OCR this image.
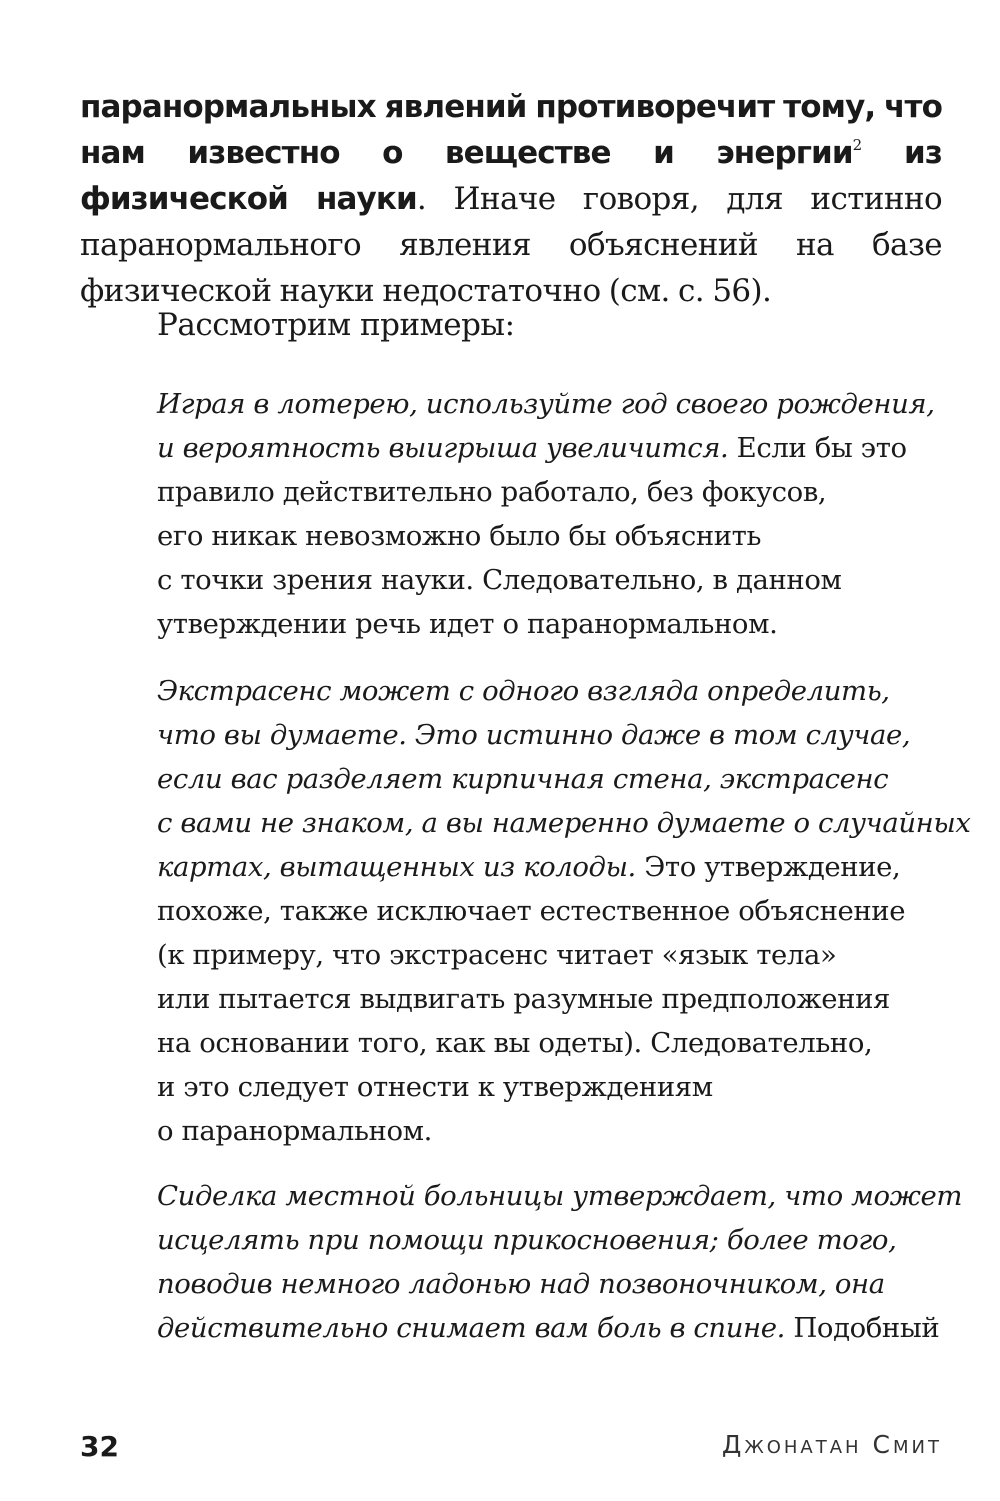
паранормальных явлений противоречит тому, что нам известно о веществе и энергии$^2$ из физической науки. Иначе говоря, для истинно паранормального явления объяснений на базе физической науки недостаточно (см. с. 56).

Рассмотрим примеры:

Играя в лотерею, используйте год своего рождения,
и вероятность выигрыша увеличится. Если бы это
правило действительно работало, без фокусов,
его никак невозможно было бы объяснить
с точки зрения науки. Следовательно, в данном
утверждении речь идет о паранормальном.
Экстрасенс может с одного взгляда определить,
что вы думаете. Это истинно даже в том случае,
если вас разделяет кирпичная стена, экстрасенс
с вами не знаком, а вы намеренно думаете о случайных
картах, вытащенных из колоды. Это утверждение,
похоже, также исключает естественное объяснение
(к примеру, что экстрасенс читает «язык тела»
или пытается выдвигать разумные предположения
на основании того, как вы одеты). Следовательно,
и это следует отнести к утверждениям
о паранормальном.
Сиделка местной больницы утверждает, что может
исцелять при помощи прикосновения; более того,
поводив немного ладонью над позвоночником, она
действительно снимает вам боль в спине. Подобный
32	Джонатан Смит
